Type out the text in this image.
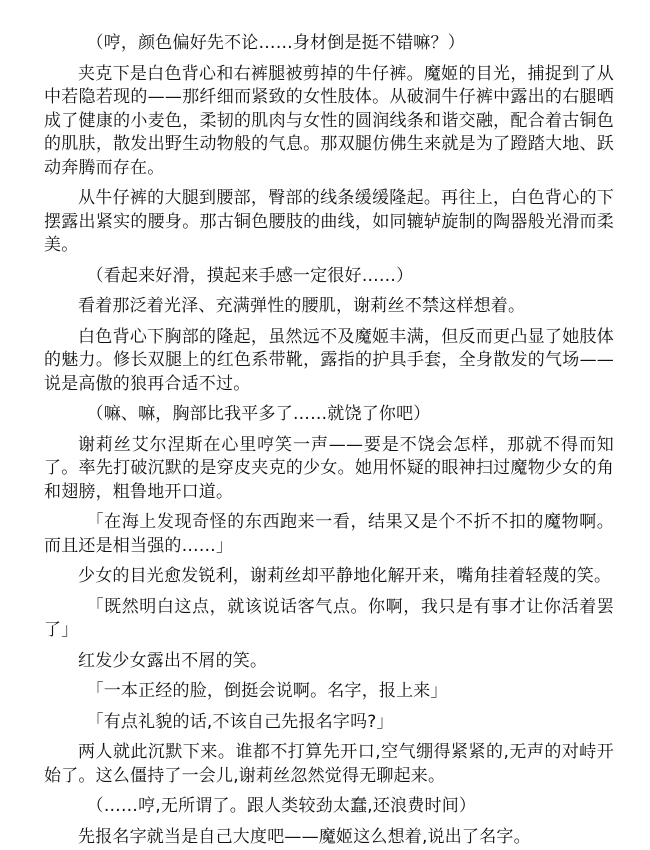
（哼，颜色偏好先不论……身材倒是挺不错嘛？）

夹克下是白色背心和右裤腿被剪掉的牛仔裤。魔姬的目光，捕捉到了从中若隐若现的——那纤细而紧致的女性肢体。从破洞牛仔裤中露出的右腿晒成了健康的小麦色，柔韧的肌肉与女性的圆润线条和谐交融，配合着古铜色的肌肤，散发出野生动物般的气息。那双腿仿佛生来就是为了蹬踏大地、跃动奔腾而存在。

从牛仔裤的大腿到腰部，臀部的线条缓缓隆起。再往上，白色背心的下摆露出紧实的腰身。那古铜色腰肢的曲线，如同辘轳旋制的陶器般光滑而柔美。

（看起来好滑，摸起来手感一定很好……）

看着那泛着光泽、充满弹性的腰肌，谢莉丝不禁这样想着。

白色背心下胸部的隆起，虽然远不及魔姬丰满，但反而更凸显了她肢体的魅力。修长双腿上的红色系带靴，露指的护具手套，全身散发的气场——说是高傲的狼再合适不过。

（嘛、嘛，胸部比我平多了……就饶了你吧）

谢莉丝艾尔涅斯在心里哼笑一声——要是不饶会怎样，那就不得而知了。率先打破沉默的是穿皮夹克的少女。她用怀疑的眼神扫过魔物少女的角和翅膀，粗鲁地开口道。

「在海上发现奇怪的东西跑来一看，结果又是个不折不扣的魔物啊。而且还是相当强的……」

少女的目光愈发锐利，谢莉丝却平静地化解开来，嘴角挂着轻蔑的笑。

「既然明白这点，就该说话客气点。你啊，我只是有事才让你活着罢了」

红发少女露出不屑的笑。

「一本正经的脸，倒挺会说啊。名字，报上来」

「有点礼貌的话,不该自己先报名字吗?」

两人就此沉默下来。谁都不打算先开口,空气绷得紧紧的,无声的对峙开始了。这么僵持了一会儿,谢莉丝忽然觉得无聊起来。

（……哼,无所谓了。跟人类较劲太蠢,还浪费时间）

先报名字就当是自己大度吧——魔姬这么想着,说出了名字。
